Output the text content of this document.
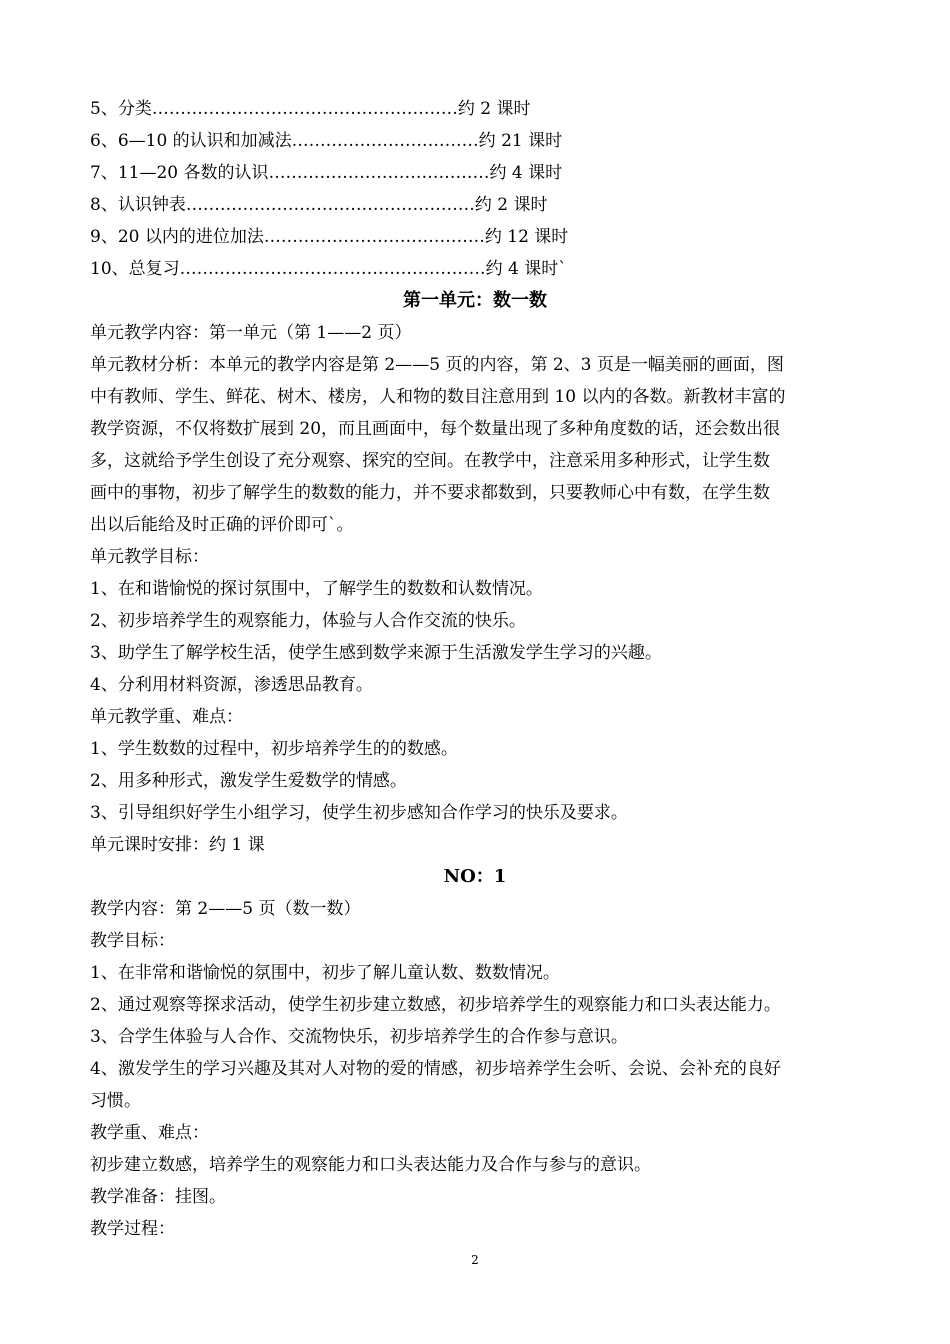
5、分类………………………………………………约 2 课时
6、6—10 的认识和加减法……………………………约 21 课时
7、11—20 各数的认识…………………………………约 4 课时
8、认识钟表……………………………………………约 2 课时
9、20 以内的进位加法…………………………………约 12 课时
10、总复习………………………………………………约 4 课时`
第一单元：数一数
单元教学内容：第一单元（第 1——2 页）
单元教材分析：本单元的教学内容是第 2——5 页的内容，第 2、3 页是一幅美丽的画面，图
中有教师、学生、鲜花、树木、楼房，人和物的数目注意用到 10 以内的各数。新教材丰富的
教学资源，不仅将数扩展到 20，而且画面中，每个数量出现了多种角度数的话，还会数出很
多，这就给予学生创设了充分观察、探究的空间。在教学中，注意采用多种形式，让学生数
画中的事物，初步了解学生的数数的能力，并不要求都数到，只要教师心中有数，在学生数
出以后能给及时正确的评价即可`。
单元教学目标：
1、在和谐愉悦的探讨氛围中，了解学生的数数和认数情况。
2、初步培养学生的观察能力，体验与人合作交流的快乐。
3、助学生了解学校生活，使学生感到数学来源于生活激发学生学习的兴趣。
4、分利用材料资源，渗透思品教育。
单元教学重、难点：
1、学生数数的过程中，初步培养学生的的数感。
2、用多种形式，激发学生爱数学的情感。
3、引导组织好学生小组学习，使学生初步感知合作学习的快乐及要求。
单元课时安排：约 1 课
NO：1
教学内容：第 2——5 页（数一数）
教学目标：
1、在非常和谐愉悦的氛围中，初步了解儿童认数、数数情况。
2、通过观察等探求活动，使学生初步建立数感，初步培养学生的观察能力和口头表达能力。
3、合学生体验与人合作、交流物快乐，初步培养学生的合作参与意识。
4、激发学生的学习兴趣及其对人对物的爱的情感，初步培养学生会听、会说、会补充的良好
习惯。
教学重、难点：
初步建立数感，培养学生的观察能力和口头表达能力及合作与参与的意识。
教学准备：挂图。
教学过程：
2
